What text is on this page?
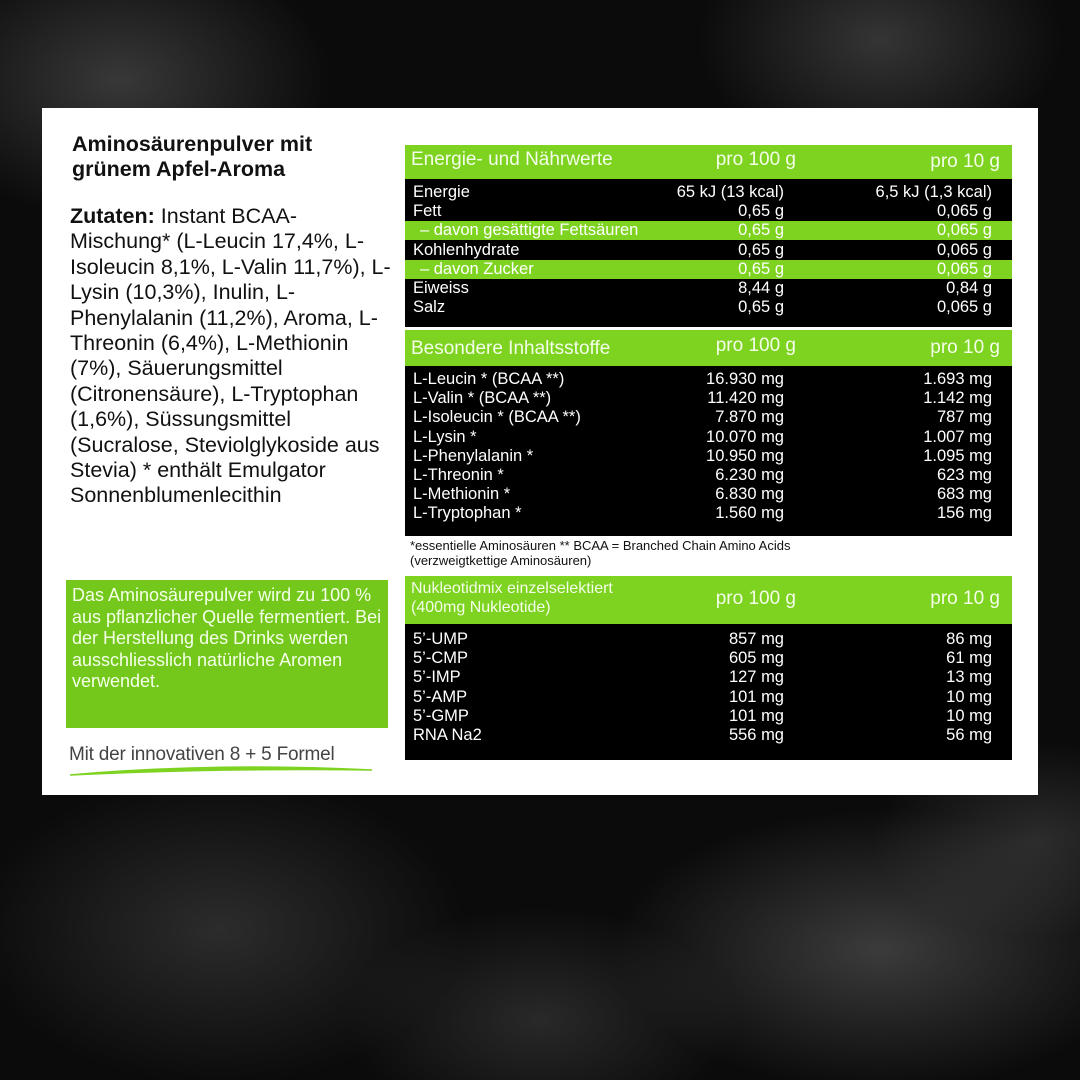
Aminosäurenpulver mit grünem Apfel-Aroma
Zutaten: Instant BCAA-Mischung* (L-Leucin 17,4%, L-Isoleucin 8,1%, L-Valin 11,7%), L-Lysin (10,3%), Inulin, L-Phenylalanin (11,2%), Aroma, L-Threonin (6,4%), L-Methionin (7%), Säuerungsmittel (Citronensäure), L-Tryptophan (1,6%), Süssungsmittel (Sucralose, Steviolglykoside aus Stevia) * enthält Emulgator Sonnenblumenlecithin
Das Aminosäurepulver wird zu 100 % aus pflanzlicher Quelle fermentiert. Bei der Herstellung des Drinks werden ausschliesslich natürliche Aromen verwendet.
Mit der innovativen 8 + 5 Formel
Energie- und Nährwerte	pro 100 g	pro 10 g
Energie	65 kJ (13 kcal)	6,5 kJ (1,3 kcal)
Fett	0,65 g	0,065 g
– davon gesättigte Fettsäuren	0,65 g	0,065 g
Kohlenhydrate	0,65 g	0,065 g
– davon Zucker	0,65 g	0,065 g
Eiweiss	8,44 g	0,84 g
Salz	0,65 g	0,065 g
Besondere Inhaltsstoffe	pro 100 g	pro 10 g
L-Leucin * (BCAA **)	16.930 mg	1.693 mg
L-Valin * (BCAA **)	11.420 mg	1.142 mg
L-Isoleucin * (BCAA **)	7.870 mg	787 mg
L-Lysin *	10.070 mg	1.007 mg
L-Phenylalanin *	10.950 mg	1.095 mg
L-Threonin *	6.230 mg	623 mg
L-Methionin *	6.830 mg	683 mg
L-Tryptophan *	1.560 mg	156 mg
*essentielle Aminosäuren ** BCAA = Branched Chain Amino Acids
(verzweigtkettige Aminosäuren)
Nukleotidmix einzelselektiert
(400mg Nukleotide)	pro 100 g	pro 10 g
5’-UMP	857 mg	86 mg
5’-CMP	605 mg	61 mg
5’-IMP	127 mg	13 mg
5’-AMP	101 mg	10 mg
5’-GMP	101 mg	10 mg
RNA Na2	556 mg	56 mg
